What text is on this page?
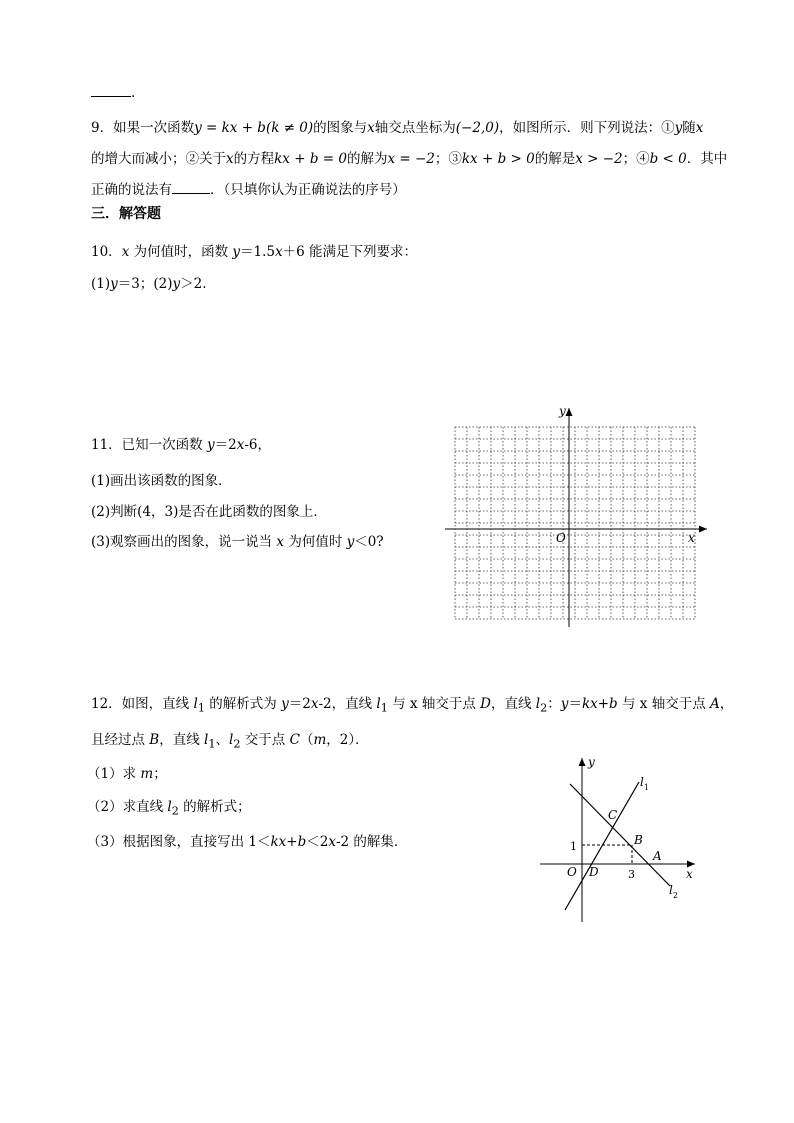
.
9．如果一次函数y = kx + b(k ≠ 0)的图象与x轴交点坐标为(−2,0)，如图所示．则下列说法：①y随x
的增大而减小；②关于x的方程kx + b = 0的解为x = −2；③kx + b > 0的解是x > −2；④b < 0．其中
正确的说法有	．（只填你认为正确说法的序号）
三．解答题
10．x 为何值时，函数 y＝1.5x＋6 能满足下列要求：
(1)y＝3；(2)y＞2.
11．已知一次函数 y＝2x-6，
(1)画出该函数的图象．
(2)判断(4，3)是否在此函数的图象上．
(3)观察画出的图象，说一说当 x 为何值时 y＜0?
y
x
O
12．如图，直线 $l_1$ 的解析式为 y＝2x-2，直线 $l_1$ 与 x 轴交于点 D，直线 $l_2$：y＝kx+b 与 x 轴交于点 A，
且经过点 B，直线 $l_1$、$l_2$ 交于点 C（m，2）．
（1）求 m；
（2）求直线 $l_2$ 的解析式；
（3）根据图象，直接写出 1＜kx+b＜2x-2 的解集．
y
x
O D
C
B
A
1
3
$l_1$
$l_2$
